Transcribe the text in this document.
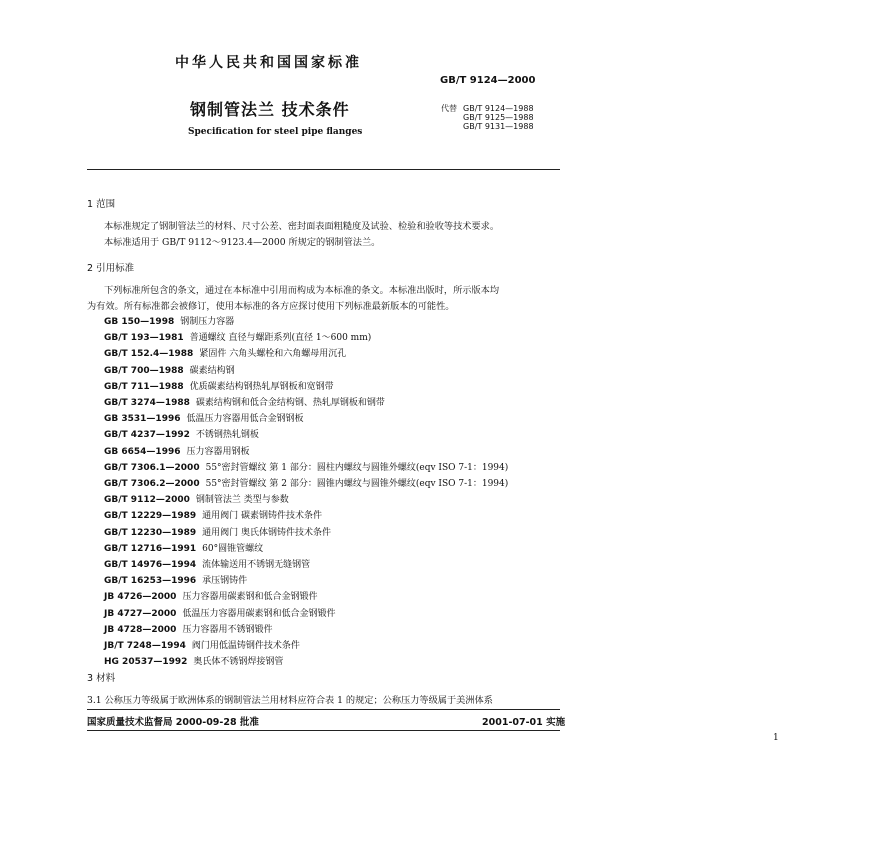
中华人民共和国国家标准
GB/T 9124—2000
钢制管法兰 技术条件
Specification for steel pipe flanges
代替 GB/T 9124—1988
GB/T 9125—1988
GB/T 9131—1988
1 范围
本标准规定了钢制管法兰的材料、尺寸公差、密封面表面粗糙度及试验、检验和验收等技术要求。
本标准适用于 GB/T 9112～9123.4—2000 所规定的钢制管法兰。
2 引用标准
下列标准所包含的条文，通过在本标准中引用而构成为本标准的条文。本标准出版时，所示版本均
为有效。所有标准都会被修订，使用本标准的各方应探讨使用下列标准最新版本的可能性。
GB 150—1998 钢制压力容器
GB/T 193—1981 普通螺纹 直径与螺距系列(直径 1～600 mm)
GB/T 152.4—1988 紧固件 六角头螺栓和六角螺母用沉孔
GB/T 700—1988 碳素结构钢
GB/T 711—1988 优质碳素结构钢热轧厚钢板和宽钢带
GB/T 3274—1988 碳素结构钢和低合金结构钢、热轧厚钢板和钢带
GB 3531—1996 低温压力容器用低合金钢钢板
GB/T 4237—1992 不锈钢热轧钢板
GB 6654—1996 压力容器用钢板
GB/T 7306.1—2000 55°密封管螺纹 第 1 部分：圆柱内螺纹与圆锥外螺纹(eqv ISO 7-1：1994)
GB/T 7306.2—2000 55°密封管螺纹 第 2 部分：圆锥内螺纹与圆锥外螺纹(eqv ISO 7-1：1994)
GB/T 9112—2000 钢制管法兰 类型与参数
GB/T 12229—1989 通用阀门 碳素钢铸件技术条件
GB/T 12230—1989 通用阀门 奥氏体钢铸件技术条件
GB/T 12716—1991 60°圆锥管螺纹
GB/T 14976—1994 流体输送用不锈钢无缝钢管
GB/T 16253—1996 承压钢铸件
JB 4726—2000 压力容器用碳素钢和低合金钢锻件
JB 4727—2000 低温压力容器用碳素钢和低合金钢锻件
JB 4728—2000 压力容器用不锈钢锻件
JB/T 7248—1994 阀门用低温铸钢件技术条件
HG 20537—1992 奥氏体不锈钢焊接钢管
3 材料
3.1 公称压力等级属于欧洲体系的钢制管法兰用材料应符合表 1 的规定；公称压力等级属于美洲体系
国家质量技术监督局 2000-09-28 批准	2001-07-01 实施
1
